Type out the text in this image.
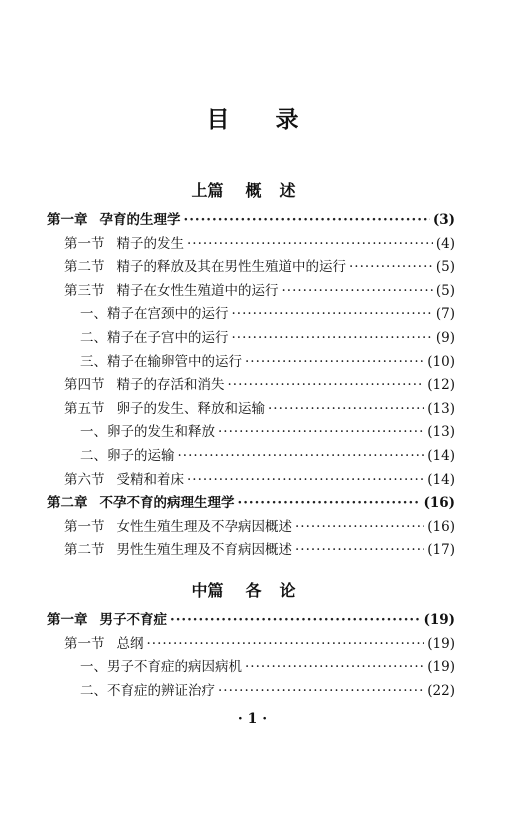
目录
上篇 概述
第一章 孕育的生理学 ·····	(3)
第一节 精子的发生 ·····	(4)
第二节 精子的释放及其在男性生殖道中的运行 ·····	(5)
第三节 精子在女性生殖道中的运行 ·····	(5)
一、 精子在宫颈中的运行 ·····	(7)
二、 精子在子宫中的运行 ·····	(9)
三、 精子在输卵管中的运行 ·····	(10)
第四节 精子的存活和消失 ·····	(12)
第五节 卵子的发生、释放和运输 ·····	(13)
一、 卵子的发生和释放 ·····	(13)
二、 卵子的运输 ·····	(14)
第六节 受精和着床 ·····	(14)
第二章 不孕不育的病理生理学 ·····	(16)
第一节 女性生殖生理及不孕病因概述 ·····	(16)
第二节 男性生殖生理及不育病因概述 ·····	(17)
中篇 各论
第一章 男子不育症 ·····	(19)
第一节 总纲 ·····	(19)
一、 男子不育症的病因病机 ·····	(19)
二、 不育症的辨证治疗 ·····	(22)
· 1 ·
